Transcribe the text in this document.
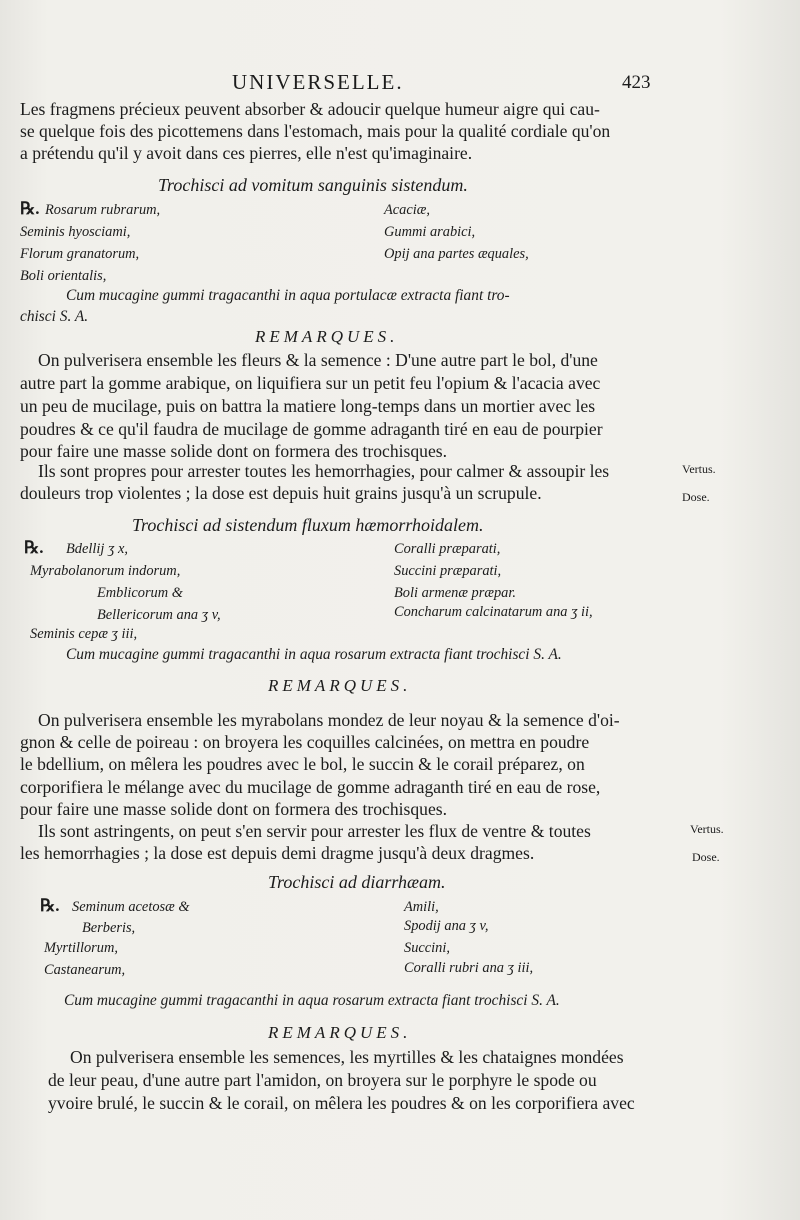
UNIVERSELLE.	423
Les fragmens précieux peuvent absorber & adoucir quelque humeur aigre qui cau-
se quelque fois des picottemens dans l'estomach, mais pour la qualité cordiale qu'on
a prétendu qu'il y avoit dans ces pierres, elle n'est qu'imaginaire.
Trochisci ad vomitum sanguinis sistendum.
℞. Rosarum rubrarum,
Seminis hyosciami,
Florum granatorum,
Boli orientalis,
Acaciæ,
Gummi arabici,
Opij ana partes æquales,
Cum mucagine gummi tragacanthi in aqua portulacæ extracta fiant tro-
chisci S. A.
REMARQUES.
On pulverisera ensemble les fleurs & la semence : D'une autre part le bol, d'une
autre part la gomme arabique, on liquifiera sur un petit feu l'opium & l'acacia avec
un peu de mucilage, puis on battra la matiere long-temps dans un mortier avec les
poudres & ce qu'il faudra de mucilage de gomme adraganth tiré en eau de pourpier
pour faire une masse solide dont on formera des trochisques.
Ils sont propres pour arrester toutes les hemorrhagies, pour calmer & assoupir les
douleurs trop violentes ; la dose est depuis huit grains jusqu'à un scrupule.
Vertus.
Dose.
Trochisci ad sistendum fluxum hæmorrhoidalem.
℞. Bdellij ʒ x,
Myrabolanorum indorum,
Emblicorum &
Bellericorum ana ʒ v,
Seminis cepæ ʒ iii,
Coralli præparati,
Succini præparati,
Boli armenæ præpar.
Concharum calcinatarum ana ʒ ii,
Cum mucagine gummi tragacanthi in aqua rosarum extracta fiant trochisci S. A.
REMARQUES.
On pulverisera ensemble les myrabolans mondez de leur noyau & la semence d'oi-
gnon & celle de poireau : on broyera les coquilles calcinées, on mettra en poudre
le bdellium, on mêlera les poudres avec le bol, le succin & le corail préparez, on
corporifiera le mélange avec du mucilage de gomme adraganth tiré en eau de rose,
pour faire une masse solide dont on formera des trochisques.
Ils sont astringents, on peut s'en servir pour arrester les flux de ventre & toutes
les hemorrhagies ; la dose est depuis demi dragme jusqu'à deux dragmes.
Vertus.
Dose.
Trochisci ad diarrhæam.
℞. Seminum acetosæ &
Berberis,
Myrtillorum,
Castanearum,
Amili,
Spodij ana ʒ v,
Succini,
Coralli rubri ana ʒ iii,
Cum mucagine gummi tragacanthi in aqua rosarum extracta fiant trochisci S. A.
REMARQUES.
On pulverisera ensemble les semences, les myrtilles & les chataignes mondées
de leur peau, d'une autre part l'amidon, on broyera sur le porphyre le spode ou
yvoire brulé, le succin & le corail, on mêlera les poudres & on les corporifiera avec
